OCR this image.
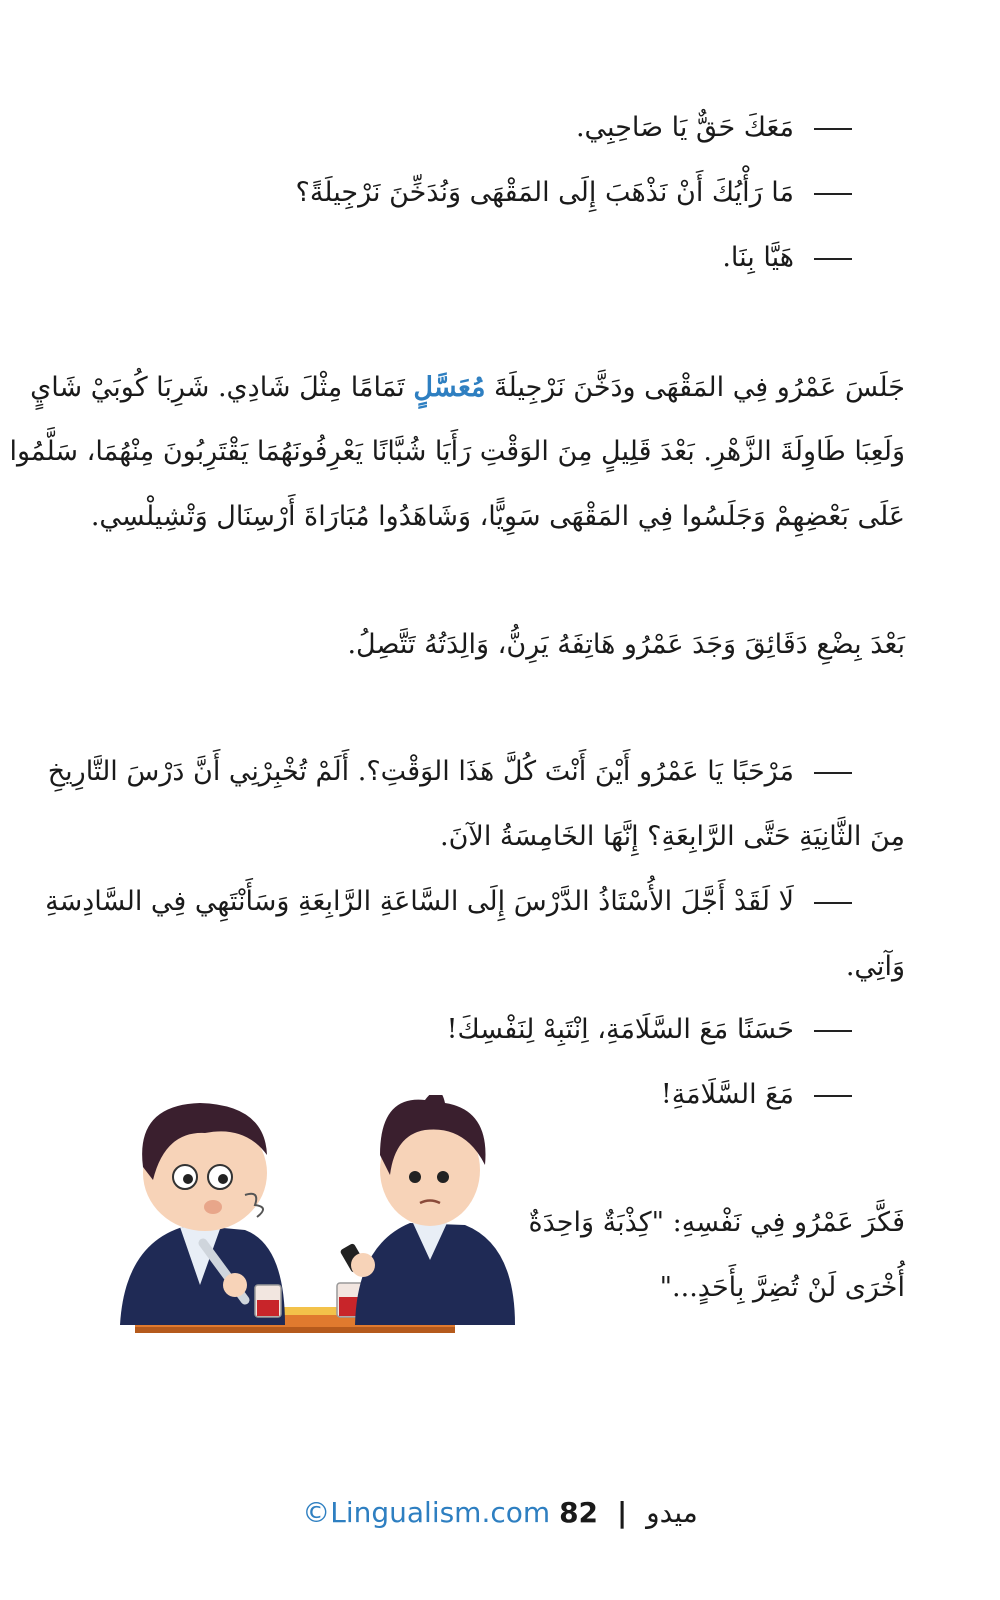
مَعَكَ حَقٌّ يَا صَاحِبِي.
مَا رَأْيُكَ أَنْ نَذْهَبَ إِلَى المَقْهَى وَنُدَخِّنَ نَرْجِيلَةً؟
هَيَّا بِنَا.
جَلَسَ عَمْرُو فِي المَقْهَى ودَخَّنَ نَرْجِيلَةَ مُعَسَّلٍ تَمَامًا مِثْلَ شَادِي. شَرِبَا كُوبَيْ شَايٍ
وَلَعِبَا طَاوِلَةَ الزَّهْرِ. بَعْدَ قَلِيلٍ مِنَ الوَقْتِ رَأَيَا شُبَّانًا يَعْرِفُونَهُمَا يَقْتَرِبُونَ مِنْهُمَا، سَلَّمُوا
عَلَى بَعْضِهِمْ وَجَلَسُوا فِي المَقْهَى سَوِيًّا، وَشَاهَدُوا مُبَارَاةَ أَرْسِنَال وَتْشِيلْسِي.
بَعْدَ بِضْعِ دَقَائِقَ وَجَدَ عَمْرُو هَاتِفَهُ يَرِنُّ، وَالِدَتُهُ تَتَّصِلُ.
مَرْحَبًا يَا عَمْرُو أَيْنَ أَنْتَ كُلَّ هَذَا الوَقْتِ؟. أَلَمْ تُخْبِرْنِي أَنَّ دَرْسَ التَّارِيخِ
مِنَ الثَّانِيَةِ حَتَّى الرَّابِعَةِ؟ إِنَّهَا الخَامِسَةُ الآنَ.
لَا لَقَدْ أَجَّلَ الأُسْتَاذُ الدَّرْسَ إِلَى السَّاعَةِ الرَّابِعَةِ وَسَأَنْتَهِي فِي السَّادِسَةِ
وَآتِي.
حَسَنًا مَعَ السَّلَامَةِ، اِنْتَبِهْ لِنَفْسِكَ!
مَعَ السَّلَامَةِ!
فَكَّرَ عَمْرُو فِي نَفْسِهِ: "كِذْبَةٌ وَاحِدَةٌ
أُخْرَى لَنْ تُضِرَّ بِأَحَدٍ..."
©Lingualism.com	ميدو | 82
